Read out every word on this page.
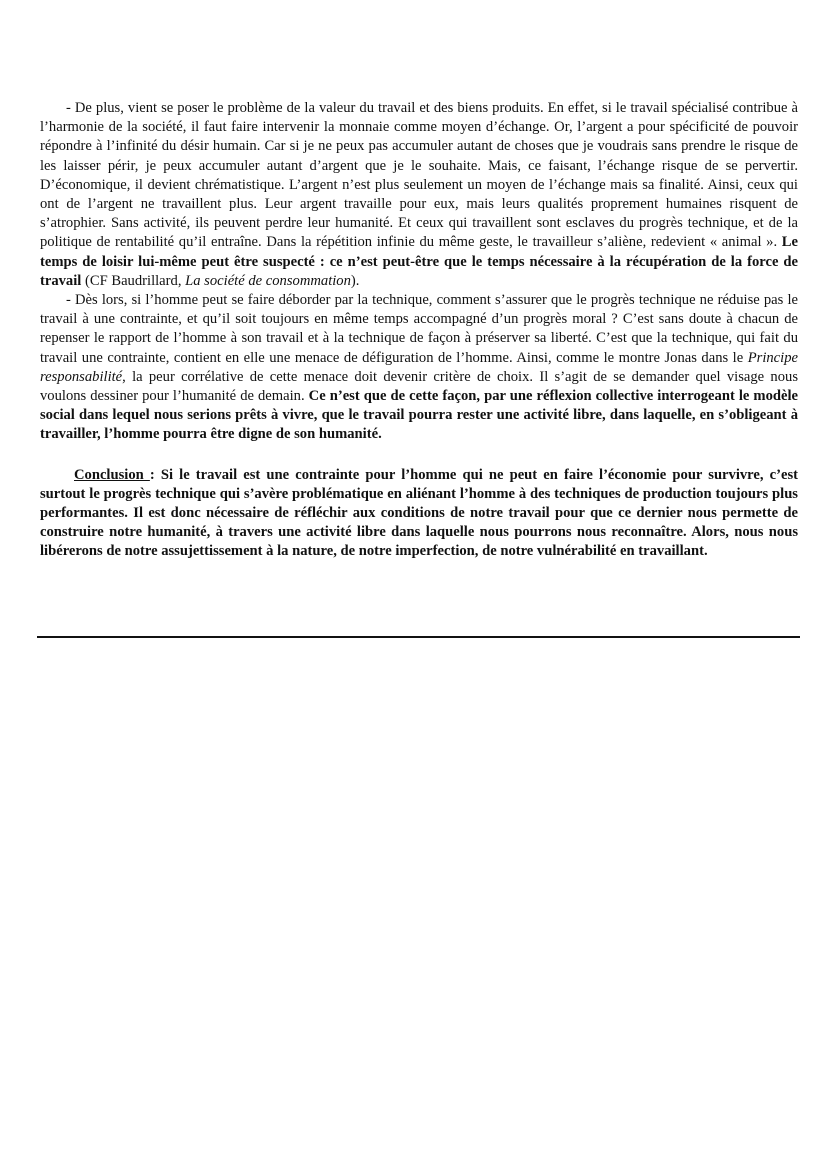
- De plus, vient se poser le problème de la valeur du travail et des biens produits. En effet, si le travail spécialisé contribue à l’harmonie de la société, il faut faire intervenir la monnaie comme moyen d’échange. Or, l’argent a pour spécificité de pouvoir répondre à l’infinité du désir humain. Car si je ne peux pas accumuler autant de choses que je voudrais sans prendre le risque de les laisser périr, je peux accumuler autant d’argent que je le souhaite. Mais, ce faisant, l’échange risque de se pervertir. D’économique, il devient chrématistique. L’argent n’est plus seulement un moyen de l’échange mais sa finalité. Ainsi, ceux qui ont de l’argent ne travaillent plus. Leur argent travaille pour eux, mais leurs qualités proprement humaines risquent de s’atrophier. Sans activité, ils peuvent perdre leur humanité. Et ceux qui travaillent sont esclaves du progrès technique, et de la politique de rentabilité qu’il entraîne. Dans la répétition infinie du même geste, le travailleur s’aliène, redevient « animal ». Le temps de loisir lui-même peut être suspecté : ce n’est peut-être que le temps nécessaire à la récupération de la force de travail (CF Baudrillard, La société de consommation).

- Dès lors, si l’homme peut se faire déborder par la technique, comment s’assurer que le progrès technique ne réduise pas le travail à une contrainte, et qu’il soit toujours en même temps accompagné d’un progrès moral ? C’est sans doute à chacun de repenser le rapport de l’homme à son travail et à la technique de façon à préserver sa liberté. C’est que la technique, qui fait du travail une contrainte, contient en elle une menace de défiguration de l’homme. Ainsi, comme le montre Jonas dans le Principe responsabilité, la peur corrélative de cette menace doit devenir critère de choix. Il s’agit de se demander quel visage nous voulons dessiner pour l’humanité de demain. Ce n’est que de cette façon, par une réflexion collective interrogeant le modèle social dans lequel nous serions prêts à vivre, que le travail pourra rester une activité libre, dans laquelle, en s’obligeant à travailler, l’homme pourra être digne de son humanité.

Conclusion : Si le travail est une contrainte pour l’homme qui ne peut en faire l’économie pour survivre, c’est surtout le progrès technique qui s’avère problématique en aliénant l’homme à des techniques de production toujours plus performantes. Il est donc nécessaire de réfléchir aux conditions de notre travail pour que ce dernier nous permette de construire notre humanité, à travers une activité libre dans laquelle nous pourrons nous reconnaître. Alors, nous nous libérerons de notre assujettissement à la nature, de notre imperfection, de notre vulnérabilité en travaillant.
